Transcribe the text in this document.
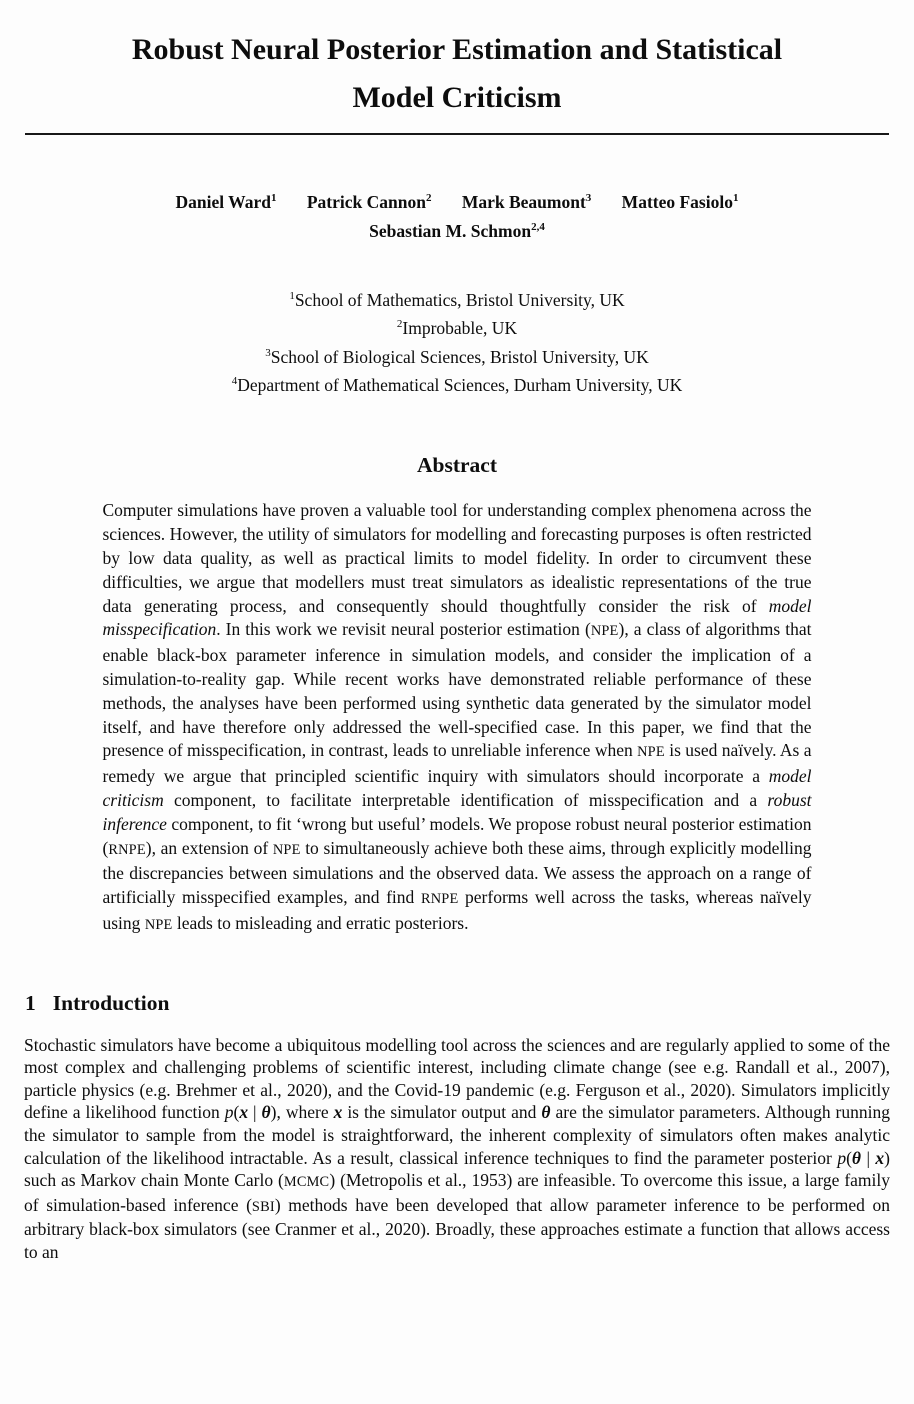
Robust Neural Posterior Estimation and Statistical
Model Criticism
Daniel Ward$^1$ Patrick Cannon$^2$ Mark Beaumont$^3$ Matteo Fasiolo$^1$
Sebastian M. Schmon$^{2,4}$
$^1$School of Mathematics, Bristol University, UK
$^2$Improbable, UK
$^3$School of Biological Sciences, Bristol University, UK
$^4$Department of Mathematical Sciences, Durham University, UK
Abstract

Computer simulations have proven a valuable tool for understanding complex phenomena across the sciences. However, the utility of simulators for modelling and forecasting purposes is often restricted by low data quality, as well as practical limits to model fidelity. In order to circumvent these difficulties, we argue that modellers must treat simulators as idealistic representations of the true data generating process, and consequently should thoughtfully consider the risk of model misspecification. In this work we revisit neural posterior estimation (NPE), a class of algorithms that enable black-box parameter inference in simulation models, and consider the implication of a simulation-to-reality gap. While recent works have demonstrated reliable performance of these methods, the analyses have been performed using synthetic data generated by the simulator model itself, and have therefore only addressed the well-specified case. In this paper, we find that the presence of misspecification, in contrast, leads to unreliable inference when NPE is used naïvely. As a remedy we argue that principled scientific inquiry with simulators should incorporate a model criticism component, to facilitate interpretable identification of misspecification and a robust inference component, to fit ‘wrong but useful’ models. We propose robust neural posterior estimation (RNPE), an extension of NPE to simultaneously achieve both these aims, through explicitly modelling the discrepancies between simulations and the observed data. We assess the approach on a range of artificially misspecified examples, and find RNPE performs well across the tasks, whereas naïvely using NPE leads to misleading and erratic posteriors.

1 Introduction

Stochastic simulators have become a ubiquitous modelling tool across the sciences and are regularly applied to some of the most complex and challenging problems of scientific interest, including climate change (see e.g. Randall et al., 2007), particle physics (e.g. Brehmer et al., 2020), and the Covid-19 pandemic (e.g. Ferguson et al., 2020). Simulators implicitly define a likelihood function p(x | θ), where x is the simulator output and θ are the simulator parameters. Although running the simulator to sample from the model is straightforward, the inherent complexity of simulators often makes analytic calculation of the likelihood intractable. As a result, classical inference techniques to find the parameter posterior p(θ | x) such as Markov chain Monte Carlo (MCMC) (Metropolis et al., 1953) are infeasible. To overcome this issue, a large family of simulation-based inference (SBI) methods have been developed that allow parameter inference to be performed on arbitrary black-box simulators (see Cranmer et al., 2020). Broadly, these approaches estimate a function that allows access to an
